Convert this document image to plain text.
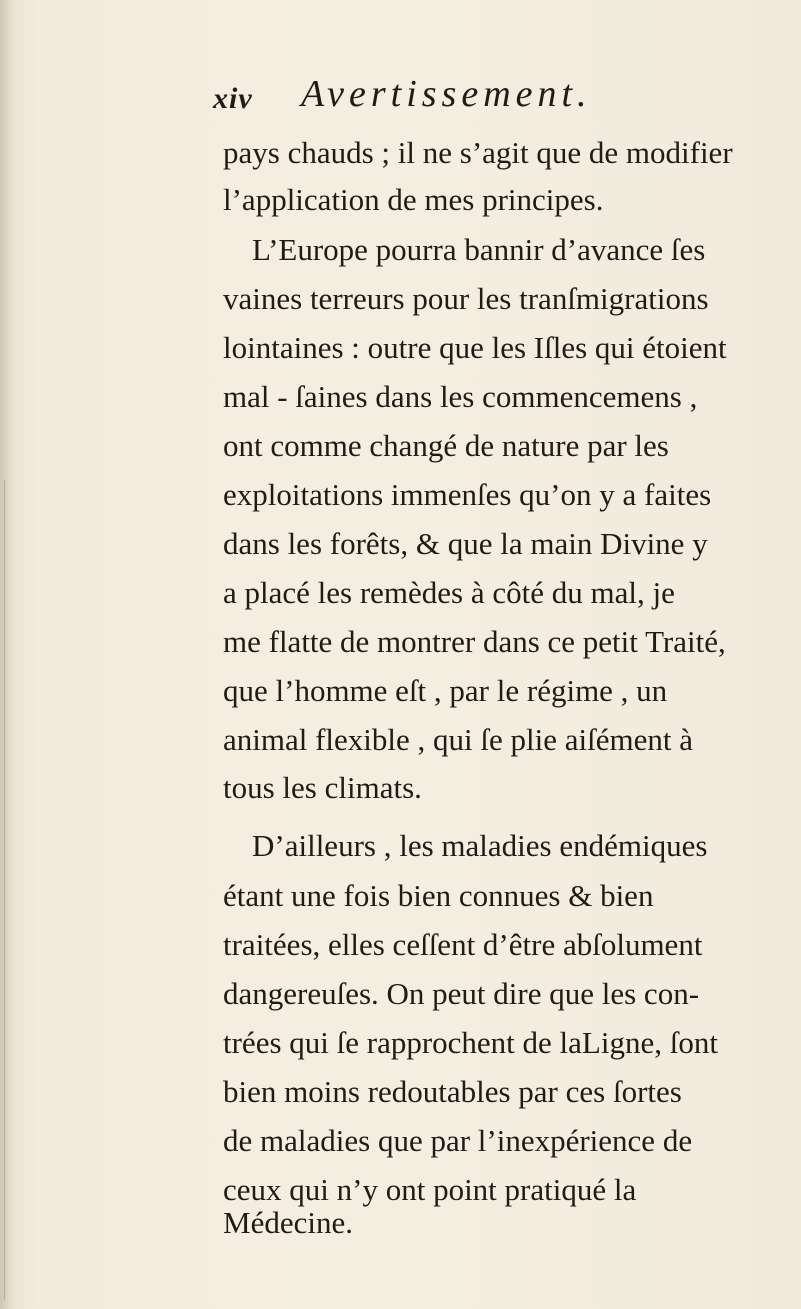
xiv Avertissement.
pays chauds ; il ne s’agit que de modifier
l’application de mes principes.
L’Europe pourra bannir d’avance ſes
vaines terreurs pour les tranſmigrations
lointaines : outre que les Iſles qui étoient
mal - ſaines dans les commencemens ,
ont comme changé de nature par les
exploitations immenſes qu’on y a faites
dans les forêts, & que la main Divine y
a placé les remèdes à côté du mal, je
me flatte de montrer dans ce petit Traité,
que l’homme eſt , par le régime , un
animal flexible , qui ſe plie aiſément à
tous les climats.
D’ailleurs , les maladies endémiques
étant une fois bien connues & bien
traitées, elles ceſſent d’être abſolument
dangereuſes. On peut dire que les con-
trées qui ſe rapprochent de laLigne, ſont
bien moins redoutables par ces ſortes
de maladies que par l’inexpérience de
ceux qui n’y ont point pratiqué la
Médecine.
